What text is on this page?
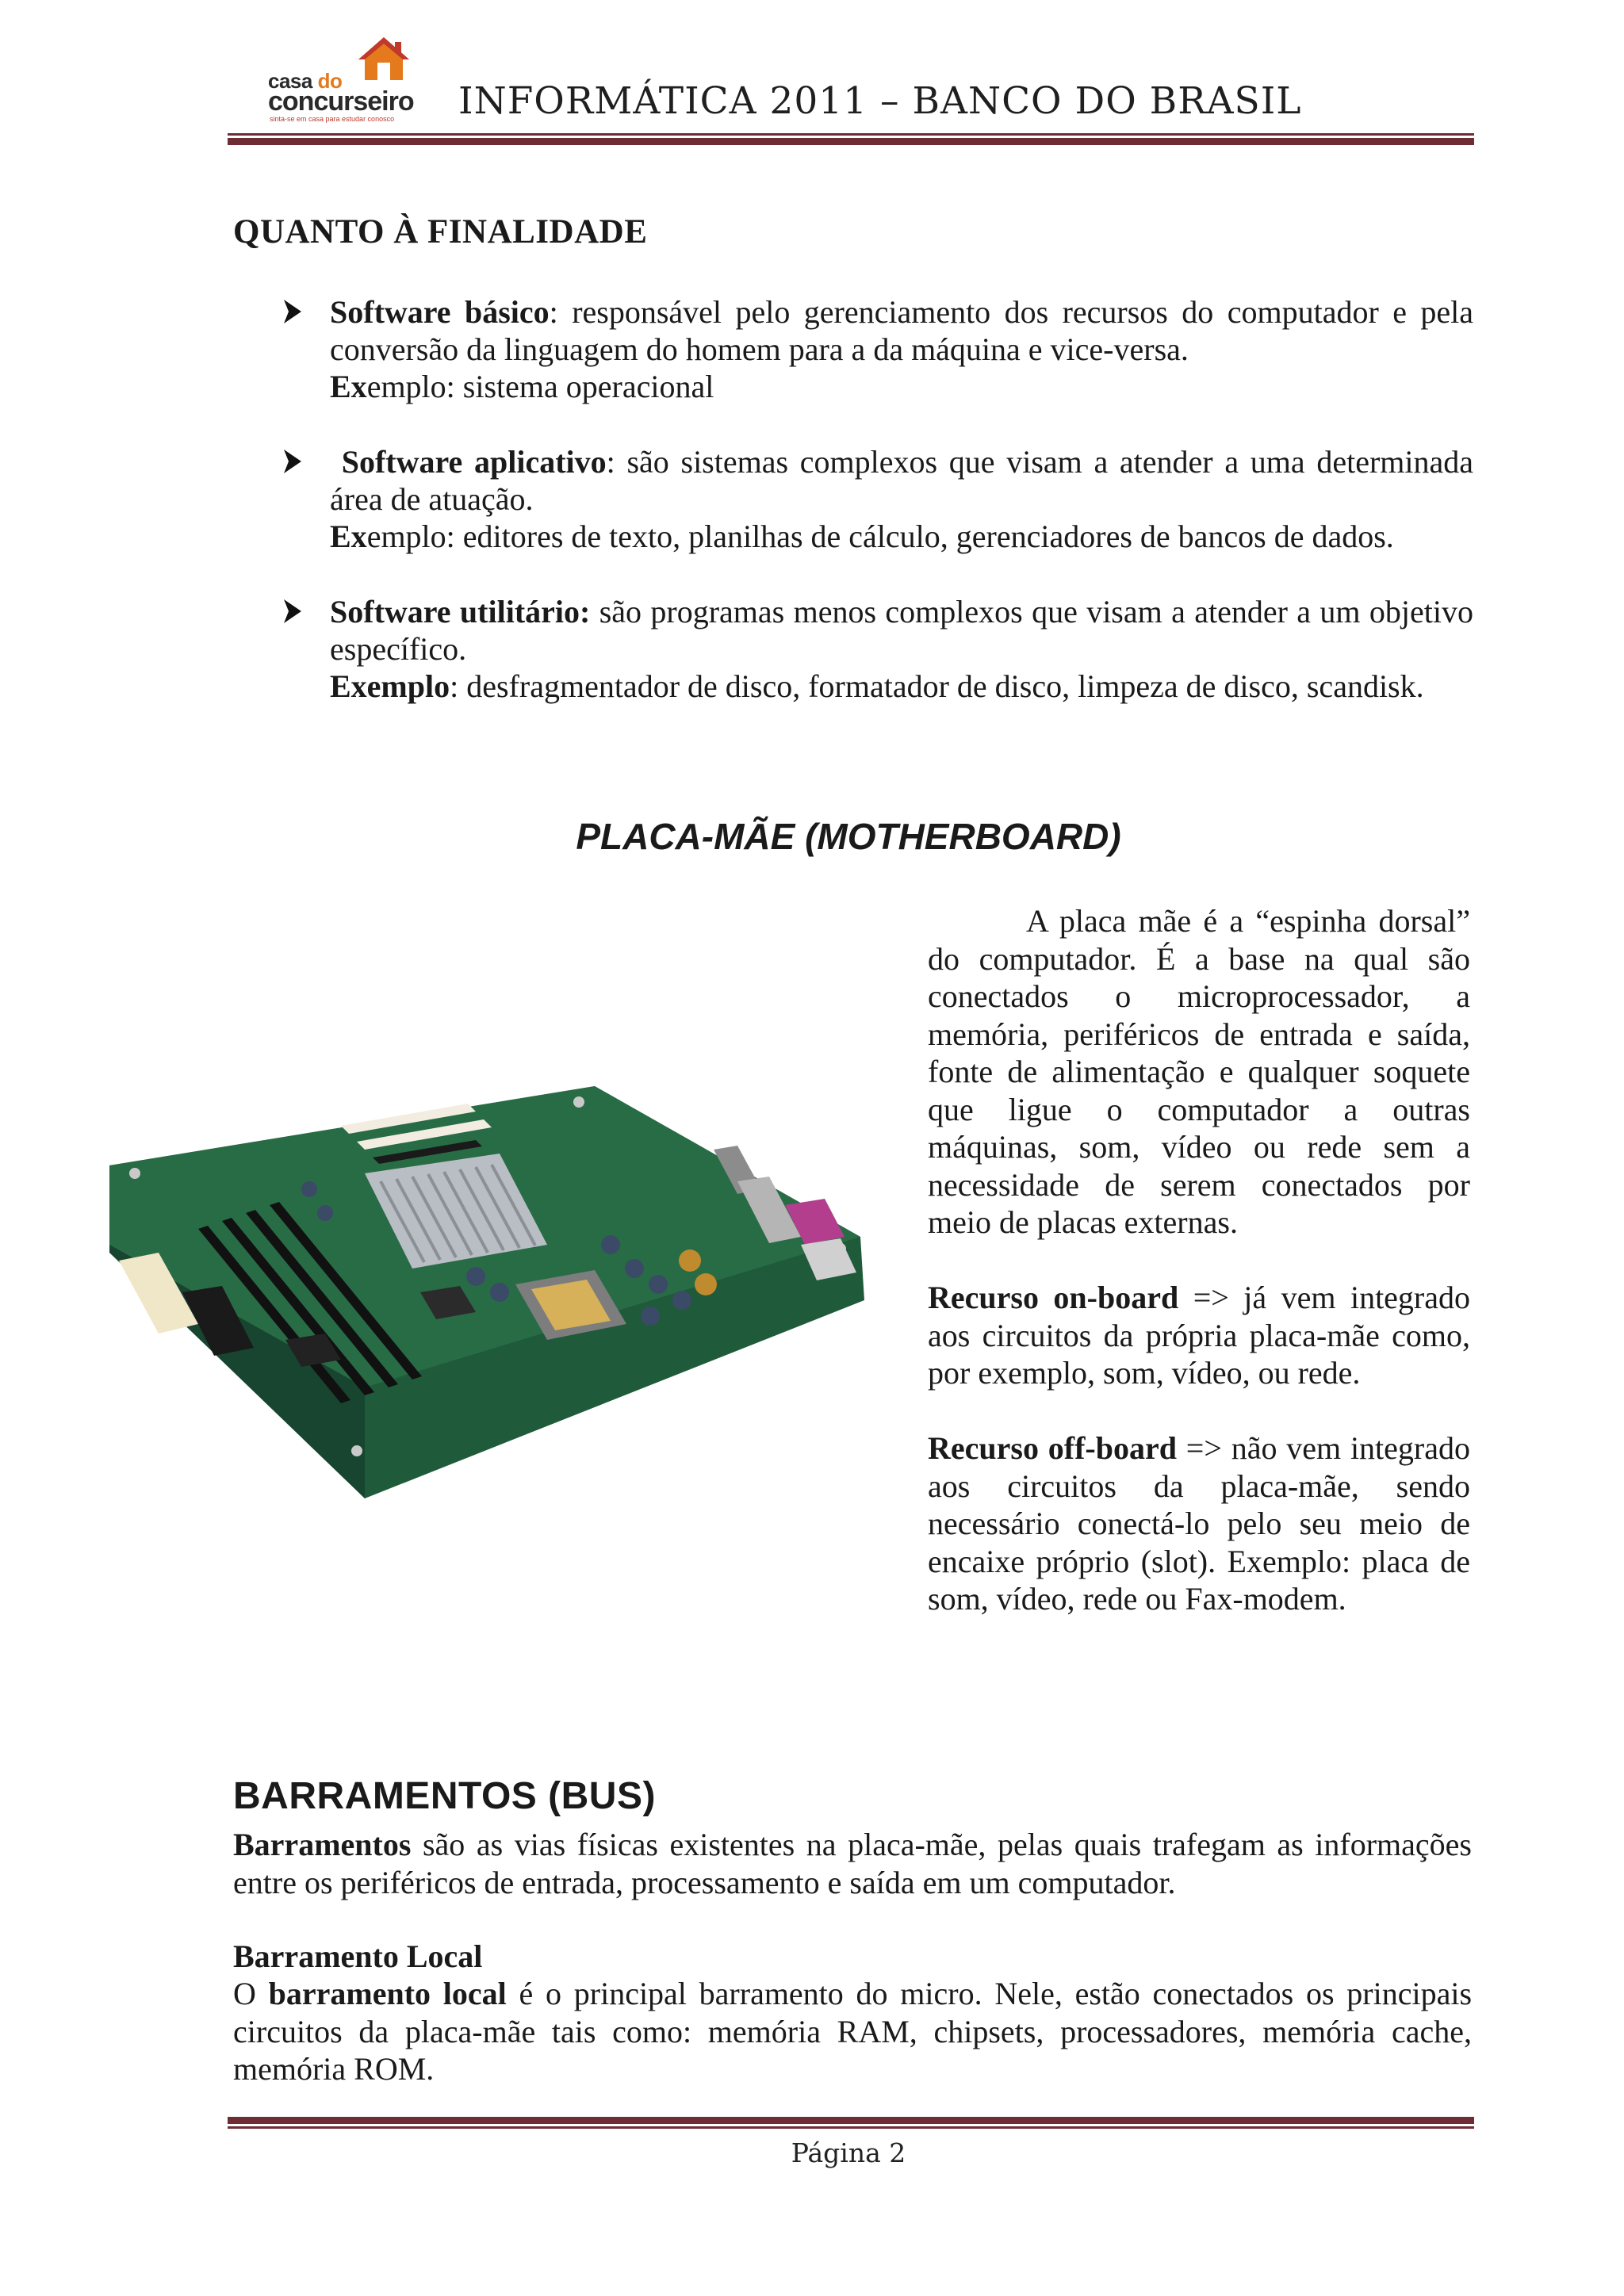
casa do
concurseiro
sinta-se em casa para estudar conosco INFORMÁTICA 2011 – BANCO DO BRASIL
QUANTO À FINALIDADE

Software básico: responsável pelo gerenciamento dos recursos do computador e pela conversão da linguagem do homem para a da máquina e vice-versa.

Exemplo: sistema operacional

Software aplicativo: são sistemas complexos que visam a atender a uma determinada área de atuação.

Exemplo: editores de texto, planilhas de cálculo, gerenciadores de bancos de dados.

Software utilitário: são programas menos complexos que visam a atender a um objetivo específico.

Exemplo: desfragmentador de disco, formatador de disco, limpeza de disco, scandisk.

PLACA-MÃE (MOTHERBOARD)

A placa mãe é a “espinha dorsal” do computador. É a base na qual são conectados o microprocessador, a memória, periféricos de entrada e saída, fonte de alimentação e qualquer soquete que ligue o computador a outras máquinas, som, vídeo ou rede sem a necessidade de serem conectados por meio de placas externas.

Recurso on-board => já vem integrado aos circuitos da própria placa-mãe como, por exemplo, som, vídeo, ou rede.

Recurso off-board => não vem integrado aos circuitos da placa-mãe, sendo necessário conectá-lo pelo seu meio de encaixe próprio (slot). Exemplo: placa de som, vídeo, rede ou Fax-modem.

BARRAMENTOS (BUS)

Barramentos são as vias físicas existentes na placa-mãe, pelas quais trafegam as informações entre os periféricos de entrada, processamento e saída em um computador.

Barramento Local

O barramento local é o principal barramento do micro. Nele, estão conectados os principais circuitos da placa-mãe tais como: memória RAM, chipsets, processadores, memória cache, memória ROM.

Página 2
